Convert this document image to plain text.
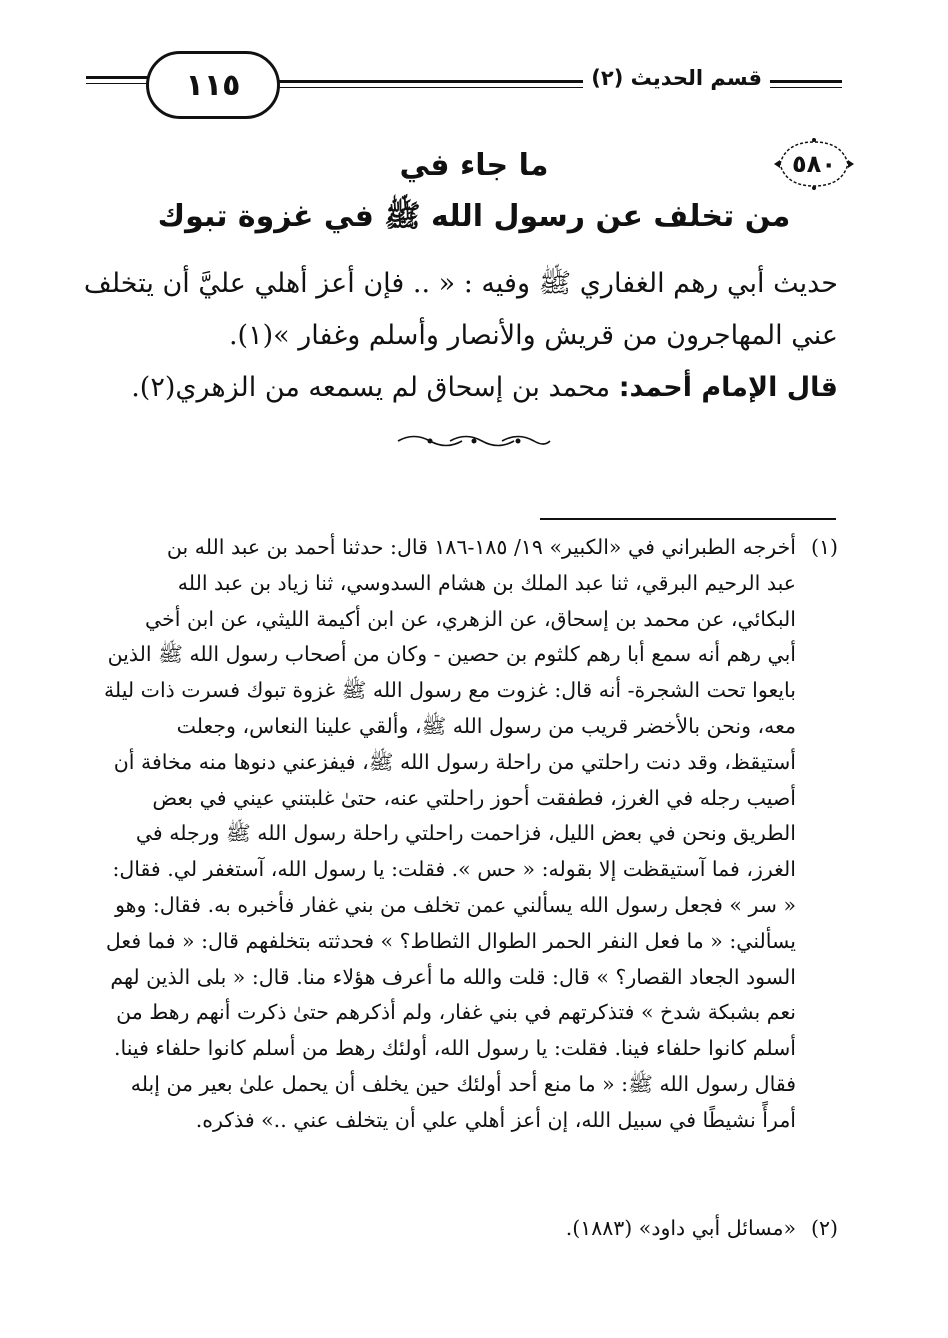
١١٥	قسم الحديث (٢)
٥٨٠
ما جاء في
من تخلف عن رسول الله ﷺ في غزوة تبوك
حديث أبي رهم الغفاري ﷺ وفيه : « .. فإن أعز أهلي عليَّ أن يتخلف
عني المهاجرون من قريش والأنصار وأسلم وغفار »(١).
قال الإمام أحمد: محمد بن إسحاق لم يسمعه من الزهري(٢).
(١)أخرجه الطبراني في «الكبير» ١٩/ ١٨٥-١٨٦ قال: حدثنا أحمد بن عبد الله بن
عبد الرحيم البرقي، ثنا عبد الملك بن هشام السدوسي، ثنا زياد بن عبد الله
البكائي، عن محمد بن إسحاق، عن الزهري، عن ابن أكيمة الليثي، عن ابن أخي
أبي رهم أنه سمع أبا رهم كلثوم بن حصين - وكان من أصحاب رسول الله ﷺ الذين
بايعوا تحت الشجرة- أنه قال: غزوت مع رسول الله ﷺ غزوة تبوك فسرت ذات ليلة
معه، ونحن بالأخضر قريب من رسول الله ﷺ، وألقي علينا النعاس، وجعلت
أستيقظ، وقد دنت راحلتي من راحلة رسول الله ﷺ، فيفزعني دنوها منه مخافة أن
أصيب رجله في الغرز، فطفقت أحوز راحلتي عنه، حتىٰ غلبتني عيني في بعض
الطريق ونحن في بعض الليل، فزاحمت راحلتي راحلة رسول الله ﷺ ورجله في
الغرز، فما آستيقظت إلا بقوله: « حس ». فقلت: يا رسول الله، آستغفر لي. فقال:
« سر » فجعل رسول الله يسألني عمن تخلف من بني غفار فأخبره به. فقال: وهو
يسألني: « ما فعل النفر الحمر الطوال الثطاط؟ » فحدثته بتخلفهم قال: « فما فعل
السود الجعاد القصار؟ » قال: قلت والله ما أعرف هؤلاء منا. قال: « بلى الذين لهم
نعم بشبكة شدخ » فتذكرتهم في بني غفار، ولم أذكرهم حتىٰ ذكرت أنهم رهط من
أسلم كانوا حلفاء فينا. فقلت: يا رسول الله، أولئك رهط من أسلم كانوا حلفاء فينا.
فقال رسول الله ﷺ: « ما منع أحد أولئك حين يخلف أن يحمل علىٰ بعير من إبله
أمرأً نشيطًا في سبيل الله، إن أعز أهلي علي أن يتخلف عني ..» فذكره.
(٢)«مسائل أبي داود» (١٨٨٣).
